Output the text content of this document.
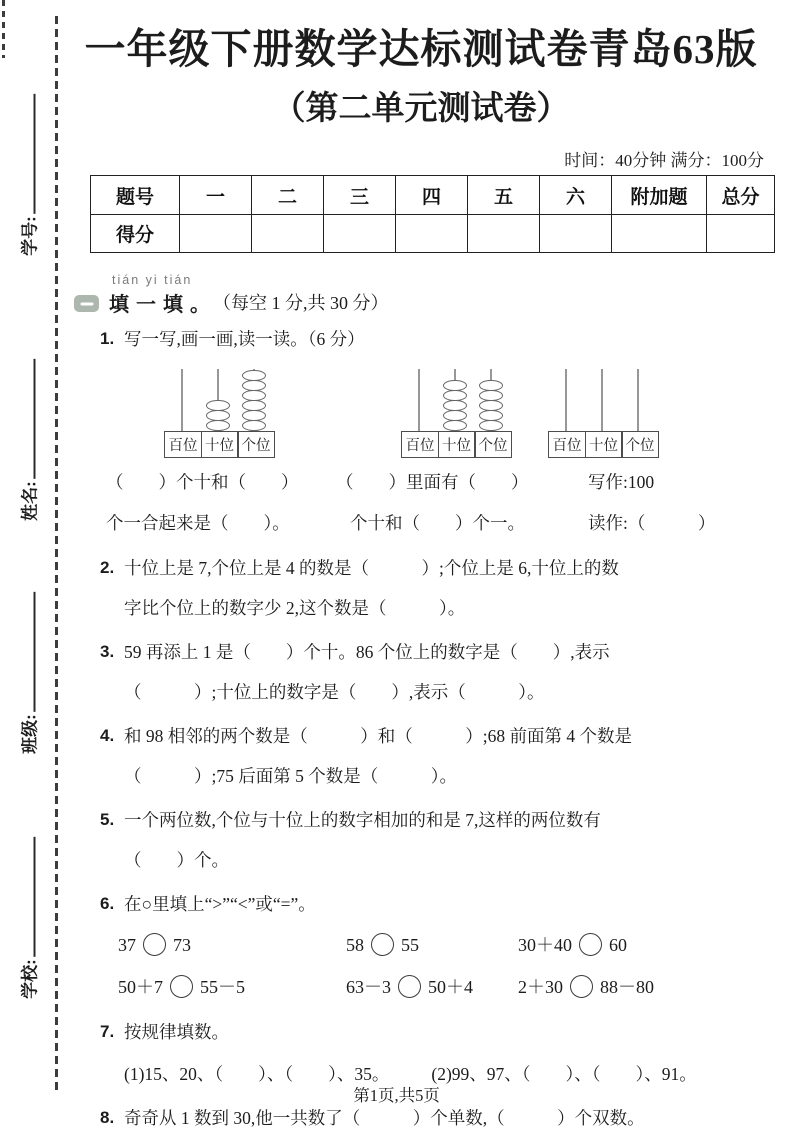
学号:
姓名:
班级:
学校:
一年级下册数学达标测试卷青岛63版
（第二单元测试卷）
时间：40分钟 满分：100分
题号	一	二	三	四	五	六	附加题	总分
得分								
tián yi tián
填 一 填 。 （每空 1 分,共 30 分）
1. 写一写,画一画,读一读。（6 分）
百位 十位 个位	百位 十位 个位	百位 十位 个位
（　　）个十和（　　）	（　　）里面有（　　）	写作:100
个一合起来是（　　）。	个十和（　　）个一。	读作:（　　　）
2. 十位上是 7,个位上是 4 的数是（　　　）;个位上是 6,十位上的数
字比个位上的数字少 2,这个数是（　　　）。
3. 59 再添上 1 是（　　）个十。86 个位上的数字是（　　）,表示
（　　　）;十位上的数字是（　　）,表示（　　　）。
4. 和 98 相邻的两个数是（　　　）和（　　　）;68 前面第 4 个数是
（　　　）;75 后面第 5 个数是（　　　）。
5. 一个两位数,个位与十位上的数字相加的和是 7,这样的两位数有
（　　）个。
6. 在○里填上“>”“<”或“=”。
37 73	58 55	30＋40 60
50＋7 55－5	63－3 50＋4	2＋30 88－80
7. 按规律填数。
(1)15、20、（　　）、（　　）、35。 (2)99、97、（　　）、（　　）、91。
8. 奇奇从 1 数到 30,他一共数了（　　　）个单数,（　　　）个双数。
第1页,共5页
